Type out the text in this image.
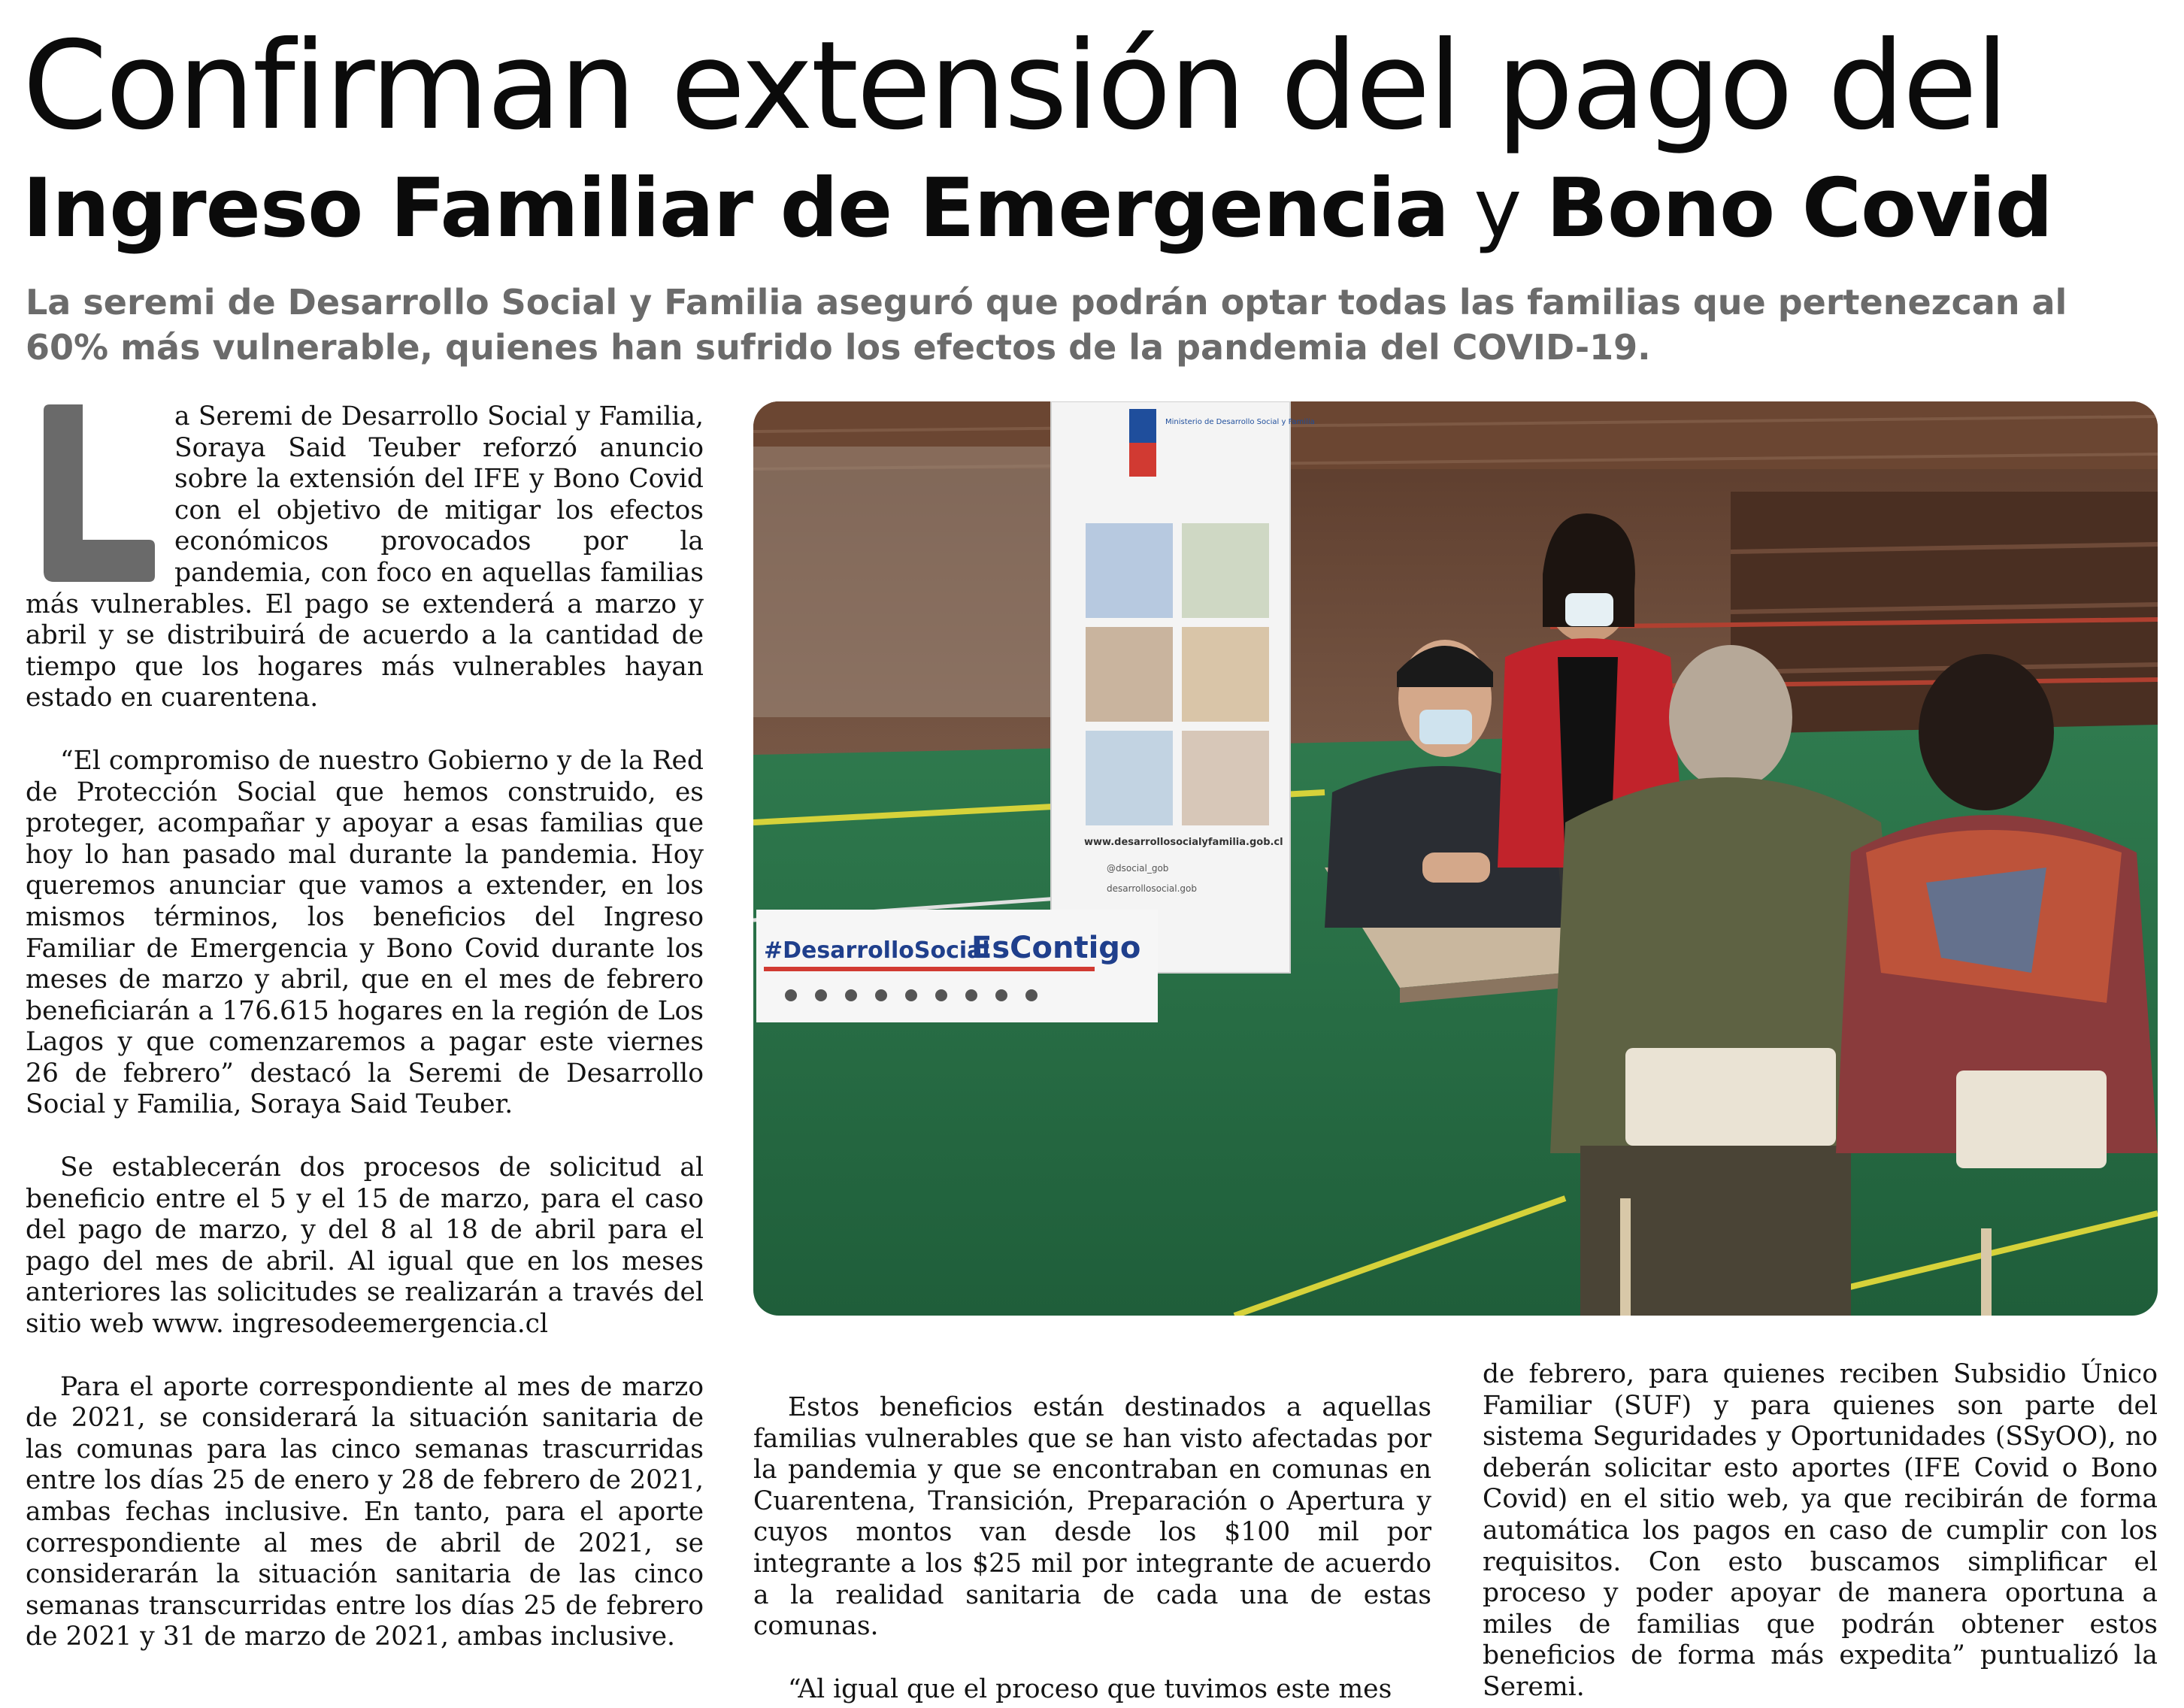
Confirman extensión del pago del
Ingreso Familiar de Emergencia y Bono Covid
La seremi de Desarrollo Social y Familia aseguró que podrán optar todas las familias que pertenezcan al 60% más vulnerable, quienes han sufrido los efectos de la pandemia del COVID-19.
L

a Seremi de Desarrollo Social y Familia, Soraya Said Teuber reforzó anuncio sobre la extensión del IFE y Bono Covid con el objetivo de mitigar los efectos económicos provocados por la pandemia, con foco en aquellas familias más vulnerables. El pago se extenderá a marzo y abril y se distribuirá de acuerdo a la cantidad de tiempo que los hogares más vulnerables hayan estado en cuarentena.

“El compromiso de nuestro Gobierno y de la Red de Protección Social que hemos construido, es proteger, acompañar y apoyar a esas familias que hoy lo han pasado mal durante la pandemia. Hoy queremos anunciar que vamos a extender, en los mismos términos, los beneficios del Ingreso Familiar de Emergencia y Bono Covid durante los meses de marzo y abril, que en el mes de febrero beneficiarán a 176.615 hogares en la región de Los Lagos y que comenzaremos a pagar este viernes 26 de febrero” destacó la Seremi de Desarrollo Social y Familia, Soraya Said Teuber.

Se establecerán dos procesos de solicitud al beneficio entre el 5 y el 15 de marzo, para el caso del pago de marzo, y del 8 al 18 de abril para el pago del mes de abril. Al igual que en los meses anteriores las solicitudes se realizarán a través del sitio web www. ingresodeemergencia.cl

Para el aporte correspondiente al mes de marzo de 2021, se considerará la situación sanitaria de las comunas para las cinco semanas trascurridas entre los días 25 de enero y 28 de febrero de 2021, ambas fechas inclusive. En tanto, para el aporte correspondiente al mes de abril de 2021, se considerarán la situación sanitaria de las cinco semanas transcurridas entre los días 25 de febrero de 2021 y 31 de marzo de 2021, ambas inclusive.

Ministerio de Desarrollo Social y Familia
www.desarrollosocialyfamilia.gob.cl
@dsocial_gob
desarrollosocial.gob
#DesarrolloSocial
EsContigo

Estos beneficios están destinados a aquellas familias vulnerables que se han visto afectadas por la pandemia y que se encontraban en comunas en Cuarentena, Transición, Preparación o Apertura y cuyos montos van desde los $100 mil por integrante a los $25 mil por integrante de acuerdo a la realidad sanitaria de cada una de estas comunas.

“Al igual que el proceso que tuvimos este mes

de febrero, para quienes reciben Subsidio Único Familiar (SUF) y para quienes son parte del sistema Seguridades y Oportunidades (SSyOO), no deberán solicitar esto aportes (IFE Covid o Bono Covid) en el sitio web, ya que recibirán de forma automática los pagos en caso de cumplir con los requisitos. Con esto buscamos simplificar el proceso y poder apoyar de manera oportuna a miles de familias que podrán obtener estos beneficios de forma más expedita” puntualizó la Seremi.
